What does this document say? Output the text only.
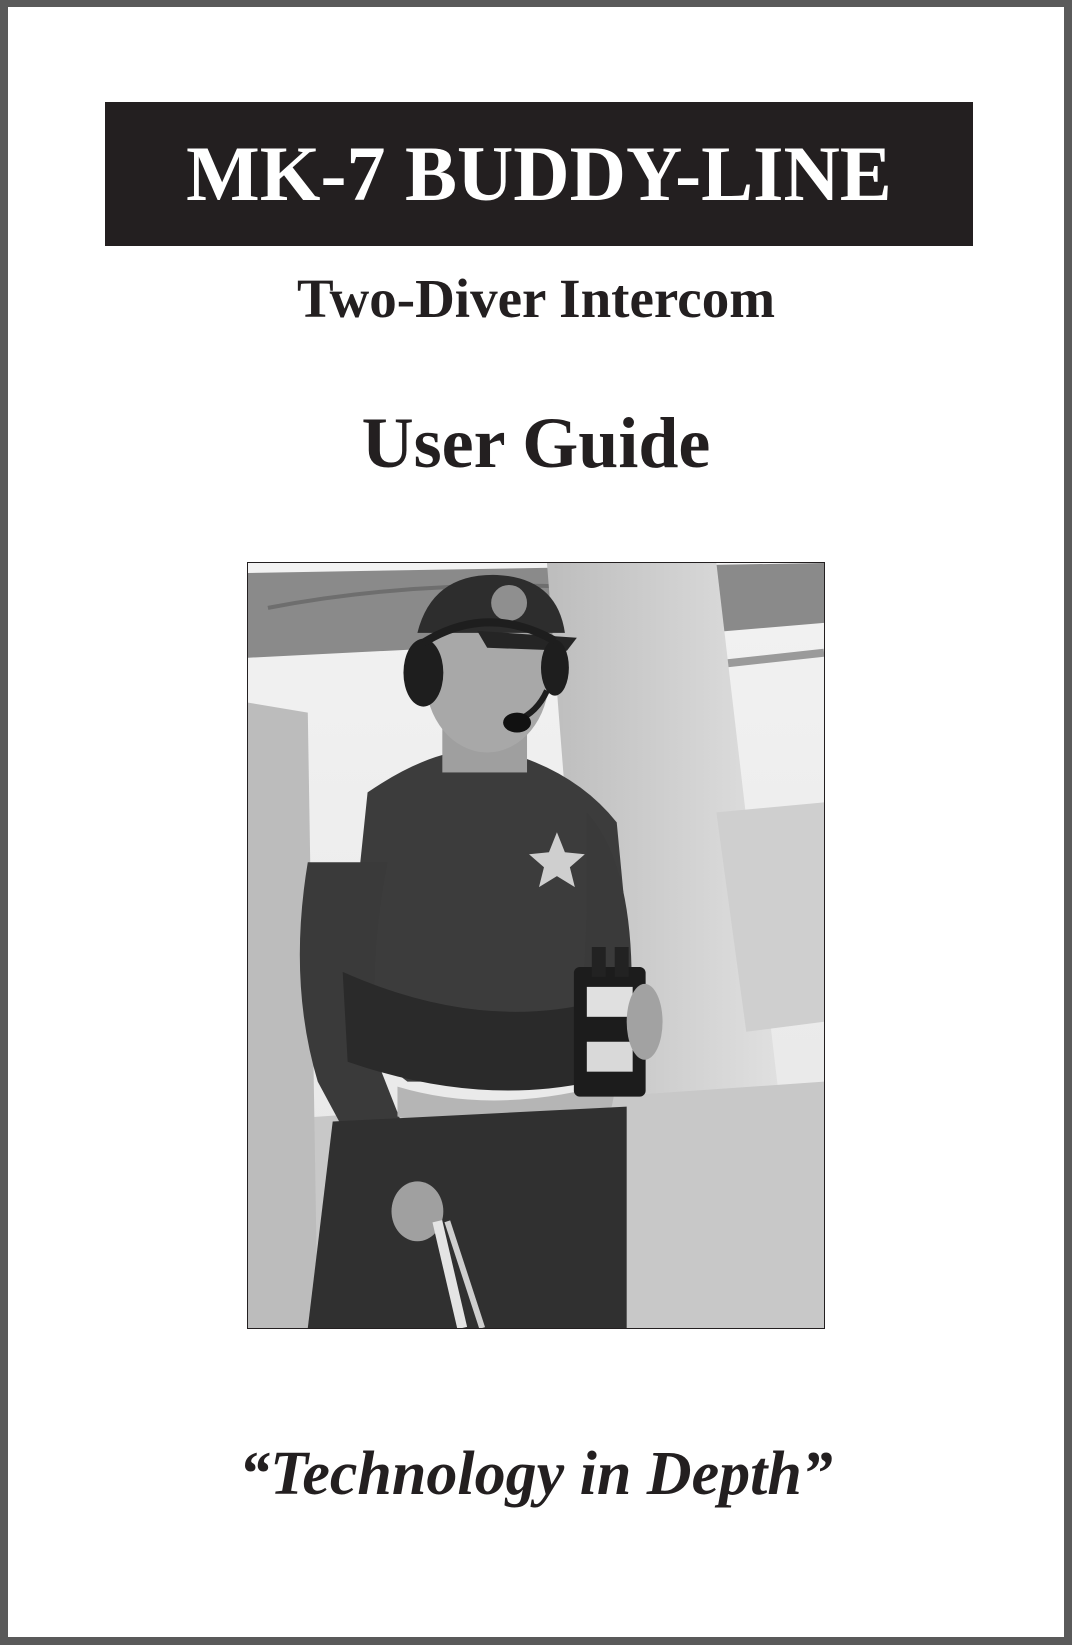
MK-7 BUDDY-LINE
Two-Diver Intercom
User Guide
“Technology in Depth”
